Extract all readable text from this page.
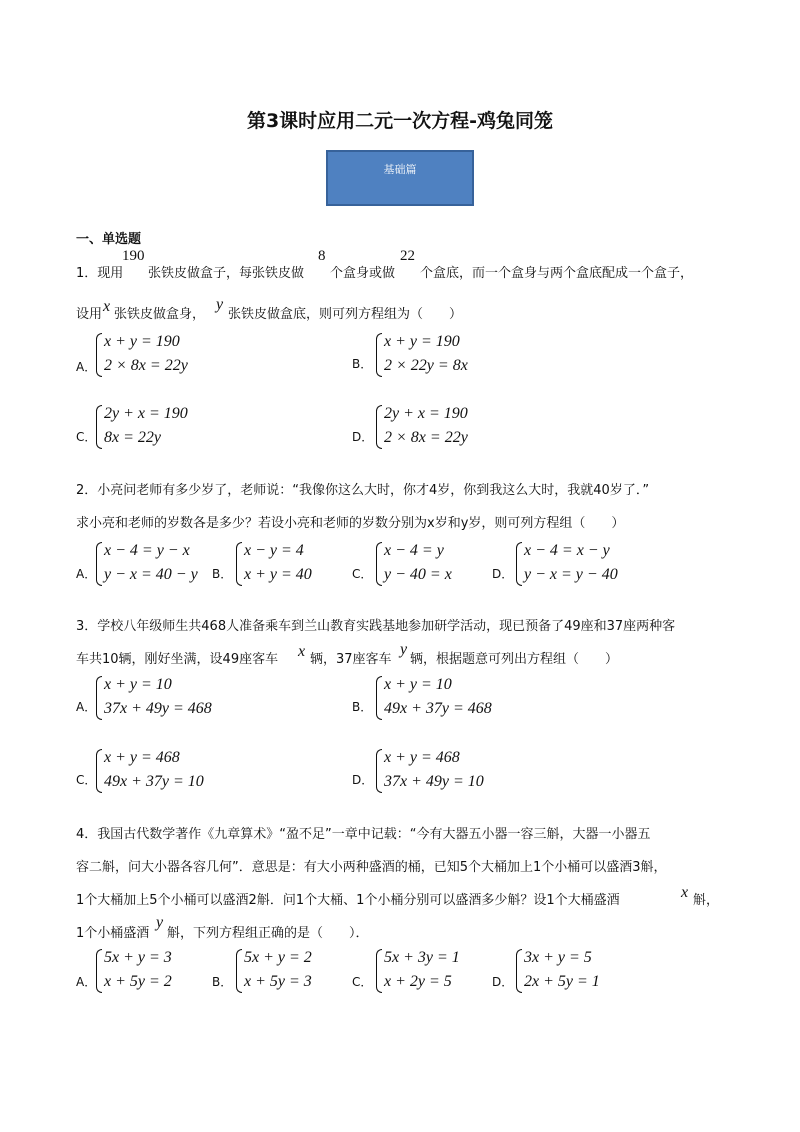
第3课时应用二元一次方程-鸡兔同笼
基础篇
一、单选题
1．现用
190
张铁皮做盒子，每张铁皮做
8
个盒身或做
22
个盒底，而一个盒身与两个盒底配成一个盒子，
设用 x 张铁皮做盒身，
y
张铁皮做盒底，则可列方程组为（　　）
A．
x + y = 190
2 × 8x = 22y	B．
x + y = 190
2 × 22y = 8x
C．
2y + x = 190
8x = 22y	D．
2y + x = 190
2 × 8x = 22y
2．小亮问老师有多少岁了，老师说：“我像你这么大时，你才4岁，你到我这么大时，我就40岁了．”
求小亮和老师的岁数各是多少？若设小亮和老师的岁数分别为x岁和y岁，则可列方程组（　　）
A．
x − 4 = y − x
y − x = 40 − y B．
x − y = 4
x + y = 40	C．
x − 4 = y
y − 40 = x	D．
x − 4 = x − y
y − x = y − 40
3．学校八年级师生共468人准备乘车到兰山教育实践基地参加研学活动，现已预备了49座和37座两种客
车共10辆，刚好坐满，设49座客车 x 辆，37座客车
y
辆，根据题意可列出方程组（　　）
A．
x + y = 10
37x + 49y = 468	B．
x + y = 10
49x + 37y = 468
C．
x + y = 468
49x + 37y = 10	D．
x + y = 468
37x + 49y = 10
4．我国古代数学著作《九章算术》“盈不足”一章中记载：“今有大器五小器一容三斛，大器一小器五
容二斛，问大小器各容几何”．意思是：有大小两种盛酒的桶，已知5个大桶加上1个小桶可以盛酒3斛，
1个大桶加上5个小桶可以盛酒2斛．问1个大桶、1个小桶分别可以盛酒多少斛？设1个大桶盛酒	x 斛，
1个小桶盛酒
y
斛，下列方程组正确的是（　　）．
A．
5x + y = 3
x + 5y = 2	B．
5x + y = 2
x + 5y = 3	C．
5x + 3y = 1
x + 2y = 5	D．
3x + y = 5
2x + 5y = 1
